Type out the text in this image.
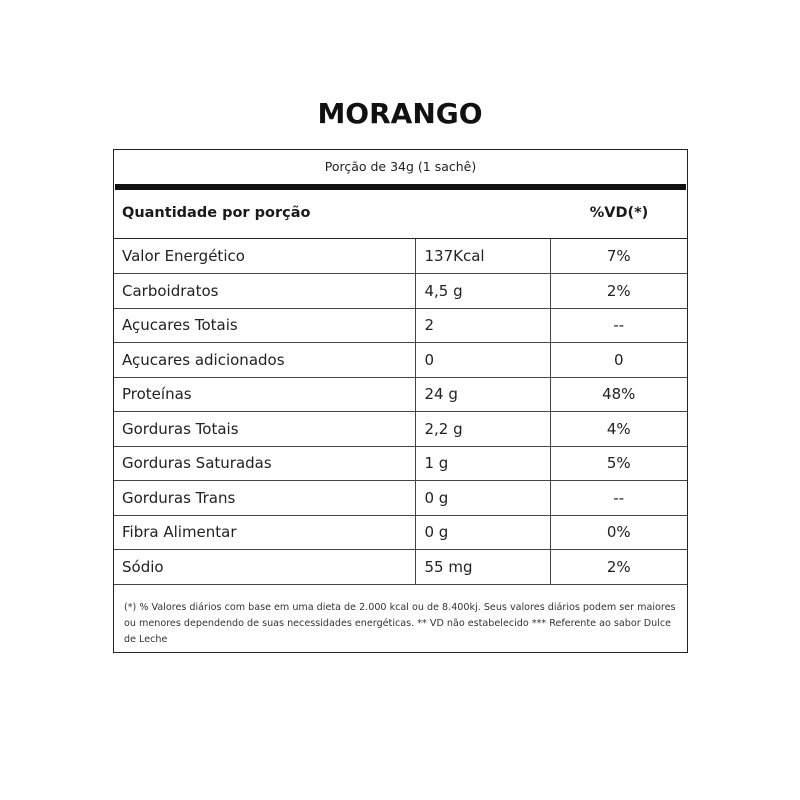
MORANGO
Porção de 34g (1 sachê)
Quantidade por porção	%VD(*)
Valor Energético	137Kcal	7%
Carboidratos	4,5 g	2%
Açucares Totais	2	--
Açucares adicionados	0	0
Proteínas	24 g	48%
Gorduras Totais	2,2 g	4%
Gorduras Saturadas	1 g	5%
Gorduras Trans	0 g	--
Fibra Alimentar	0 g	0%
Sódio	55 mg	2%
(*) % Valores diários com base em uma dieta de 2.000 kcal ou de 8.400kj. Seus valores diários podem ser maiores ou menores dependendo de suas necessidades energéticas. ** VD não estabelecido *** Referente ao sabor Dulce de Leche
